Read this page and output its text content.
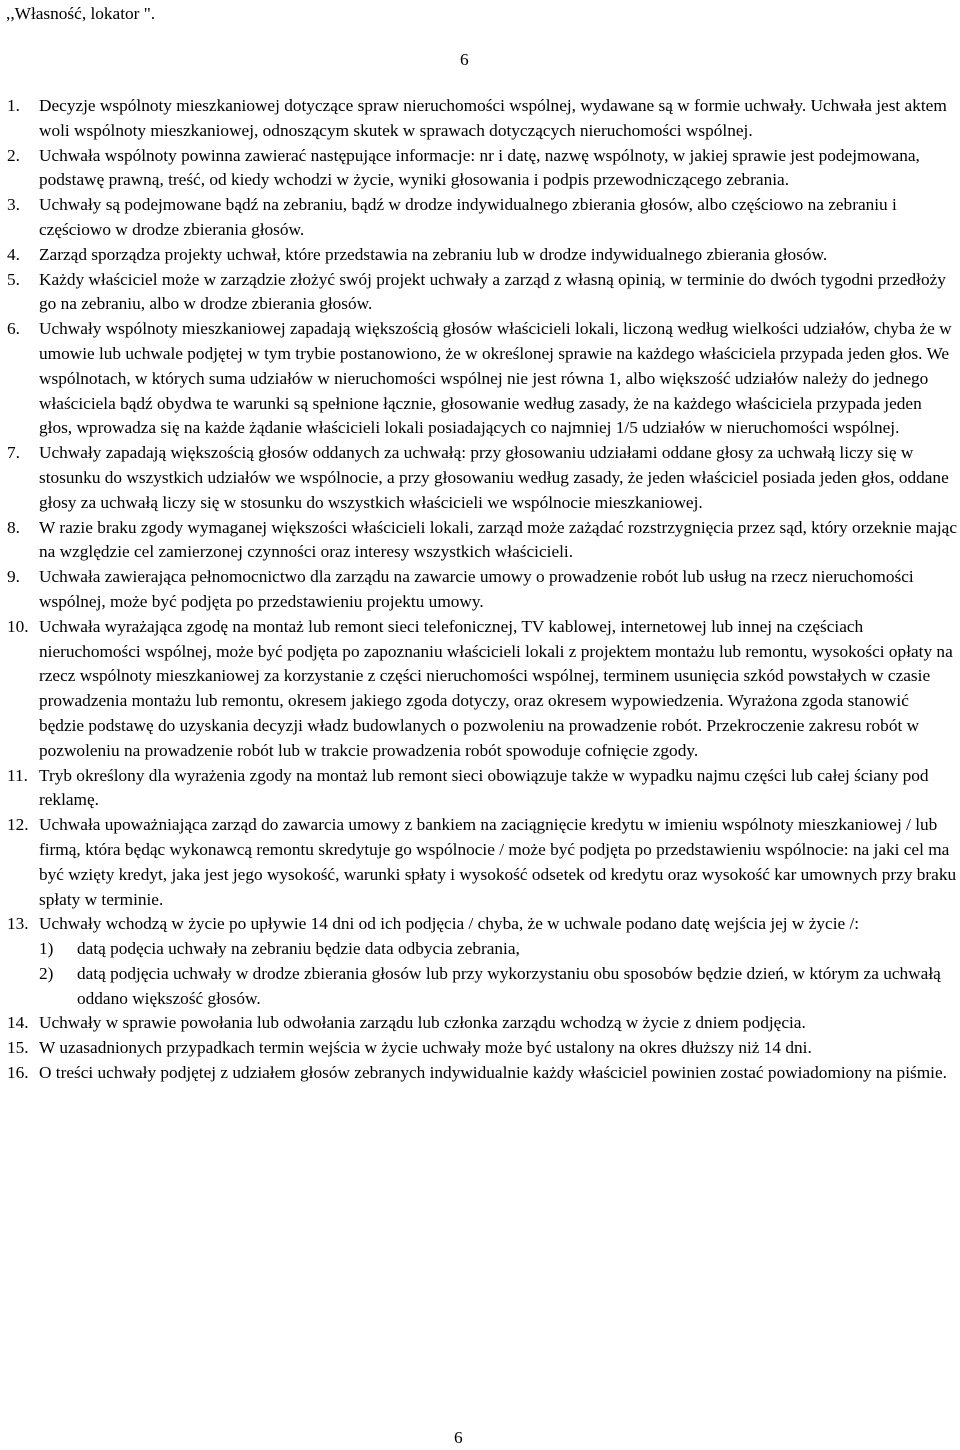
,,Własność, lokator ".

6

1.	Decyzje wspólnoty mieszkaniowej dotyczące spraw nieruchomości wspólnej, wydawane są w formie uchwały. Uchwała jest aktem woli wspólnoty mieszkaniowej, odnoszącym skutek w sprawach dotyczących nieruchomości wspólnej.
2.	Uchwała wspólnoty powinna zawierać następujące informacje: nr i datę, nazwę wspólnoty, w jakiej sprawie jest podejmowana, podstawę prawną, treść, od kiedy wchodzi w życie, wyniki głosowania i podpis przewodniczącego zebrania.
3.	Uchwały są podejmowane bądź na zebraniu, bądź w drodze indywidualnego zbierania głosów, albo częściowo na zebraniu i częściowo w drodze zbierania głosów.
4.	Zarząd sporządza projekty uchwał, które przedstawia na zebraniu lub w drodze indywidualnego zbierania głosów.
5.	Każdy właściciel może w zarządzie złożyć swój projekt uchwały a zarząd z własną opinią, w terminie do dwóch tygodni przedłoży go na zebraniu, albo w drodze zbierania głosów.
6.	Uchwały wspólnoty mieszkaniowej zapadają większością głosów właścicieli lokali, liczoną według wielkości udziałów, chyba że w umowie lub uchwale podjętej w tym trybie postanowiono, że w określonej sprawie na każdego właściciela przypada jeden głos. We wspólnotach, w których suma udziałów w nieruchomości wspólnej nie jest równa 1, albo większość udziałów należy do jednego właściciela bądź obydwa te warunki są spełnione łącznie, głosowanie według zasady, że na każdego właściciela przypada jeden głos, wprowadza się na każde żądanie właścicieli lokali posiadających co najmniej 1/5 udziałów w nieruchomości wspólnej.
7.	Uchwały zapadają większością głosów oddanych za uchwałą: przy głosowaniu udziałami oddane głosy za uchwałą liczy się w stosunku do wszystkich udziałów we wspólnocie, a przy głosowaniu według zasady, że jeden właściciel posiada jeden głos, oddane głosy za uchwałą liczy się w stosunku do wszystkich właścicieli we wspólnocie mieszkaniowej.
8.	W razie braku zgody wymaganej większości właścicieli lokali, zarząd może zażądać rozstrzygnięcia przez sąd, który orzeknie mając na względzie cel zamierzonej czynności oraz interesy wszystkich właścicieli.
9.	Uchwała zawierająca pełnomocnictwo dla zarządu na zawarcie umowy o prowadzenie robót lub usług na rzecz nieruchomości wspólnej, może być podjęta po przedstawieniu projektu umowy.
10. Uchwała wyrażająca zgodę na montaż lub remont sieci telefonicznej, TV kablowej, internetowej lub innej na częściach nieruchomości wspólnej, może być podjęta po zapoznaniu właścicieli lokali z projektem montażu lub remontu, wysokości opłaty na rzecz wspólnoty mieszkaniowej za korzystanie z części nieruchomości wspólnej, terminem usunięcia szkód powstałych w czasie prowadzenia montażu lub remontu, okresem jakiego zgoda dotyczy, oraz okresem wypowiedzenia. Wyrażona zgoda stanowić będzie podstawę do uzyskania decyzji władz budowlanych o pozwoleniu na prowadzenie robót. Przekroczenie zakresu robót w pozwoleniu na prowadzenie robót lub w trakcie prowadzenia robót spowoduje cofnięcie zgody.
11. Tryb określony dla wyrażenia zgody na montaż lub remont sieci obowiązuje także w wypadku najmu części lub całej ściany pod reklamę.
12. Uchwała upoważniająca zarząd do zawarcia umowy z bankiem na zaciągnięcie kredytu w imieniu wspólnoty mieszkaniowej / lub firmą, która będąc wykonawcą remontu skredytuje go wspólnocie / może być podjęta po przedstawieniu wspólnocie: na jaki cel ma być wzięty kredyt, jaka jest jego wysokość, warunki spłaty i wysokość odsetek od kredytu oraz wysokość kar umownych przy braku spłaty w terminie.
13. Uchwały wchodzą w życie po upływie 14 dni od ich podjęcia / chyba, że w uchwale podano datę wejścia jej w życie /:
1)	datą podęcia uchwały na zebraniu będzie data odbycia zebrania,
2)	datą podjęcia uchwały w drodze zbierania głosów lub przy wykorzystaniu obu sposobów będzie dzień, w którym za uchwałą oddano większość głosów.
14. Uchwały w sprawie powołania lub odwołania zarządu lub członka zarządu wchodzą w życie z dniem podjęcia.
15. W uzasadnionych przypadkach termin wejścia w życie uchwały może być ustalony na okres dłuższy niż 14 dni.
16. O treści uchwały podjętej z udziałem głosów zebranych indywidualnie każdy właściciel powinien zostać powiadomiony na piśmie.

6
